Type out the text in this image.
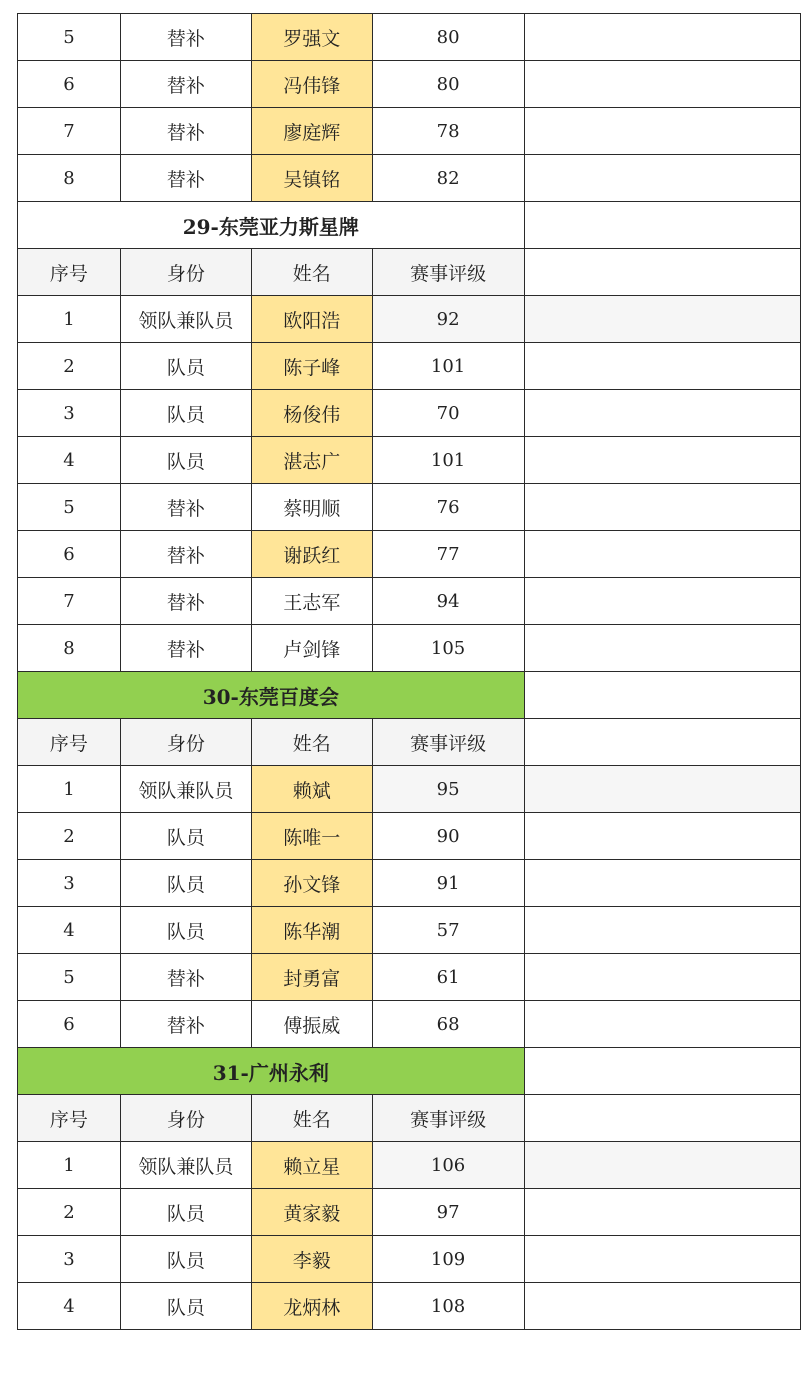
5	替补	罗强文	80	
6	替补	冯伟锋	80	
7	替补	廖庭辉	78	
8	替补	吴镇铭	82	
29-东莞亚力斯星牌				
序号	身份	姓名	赛事评级	
1	领队兼队员	欧阳浩	92	
2	队员	陈子峰	101	
3	队员	杨俊伟	70	
4	队员	湛志广	101	
5	替补	蔡明顺	76	
6	替补	谢跃红	77	
7	替补	王志军	94	
8	替补	卢剑锋	105	
30-东莞百度会				
序号	身份	姓名	赛事评级	
1	领队兼队员	赖斌	95	
2	队员	陈唯一	90	
3	队员	孙文锋	91	
4	队员	陈华潮	57	
5	替补	封勇富	61	
6	替补	傅振威	68	
31-广州永利				
序号	身份	姓名	赛事评级	
1	领队兼队员	赖立星	106	
2	队员	黄家毅	97	
3	队员	李毅	109	
4	队员	龙炳林	108	
